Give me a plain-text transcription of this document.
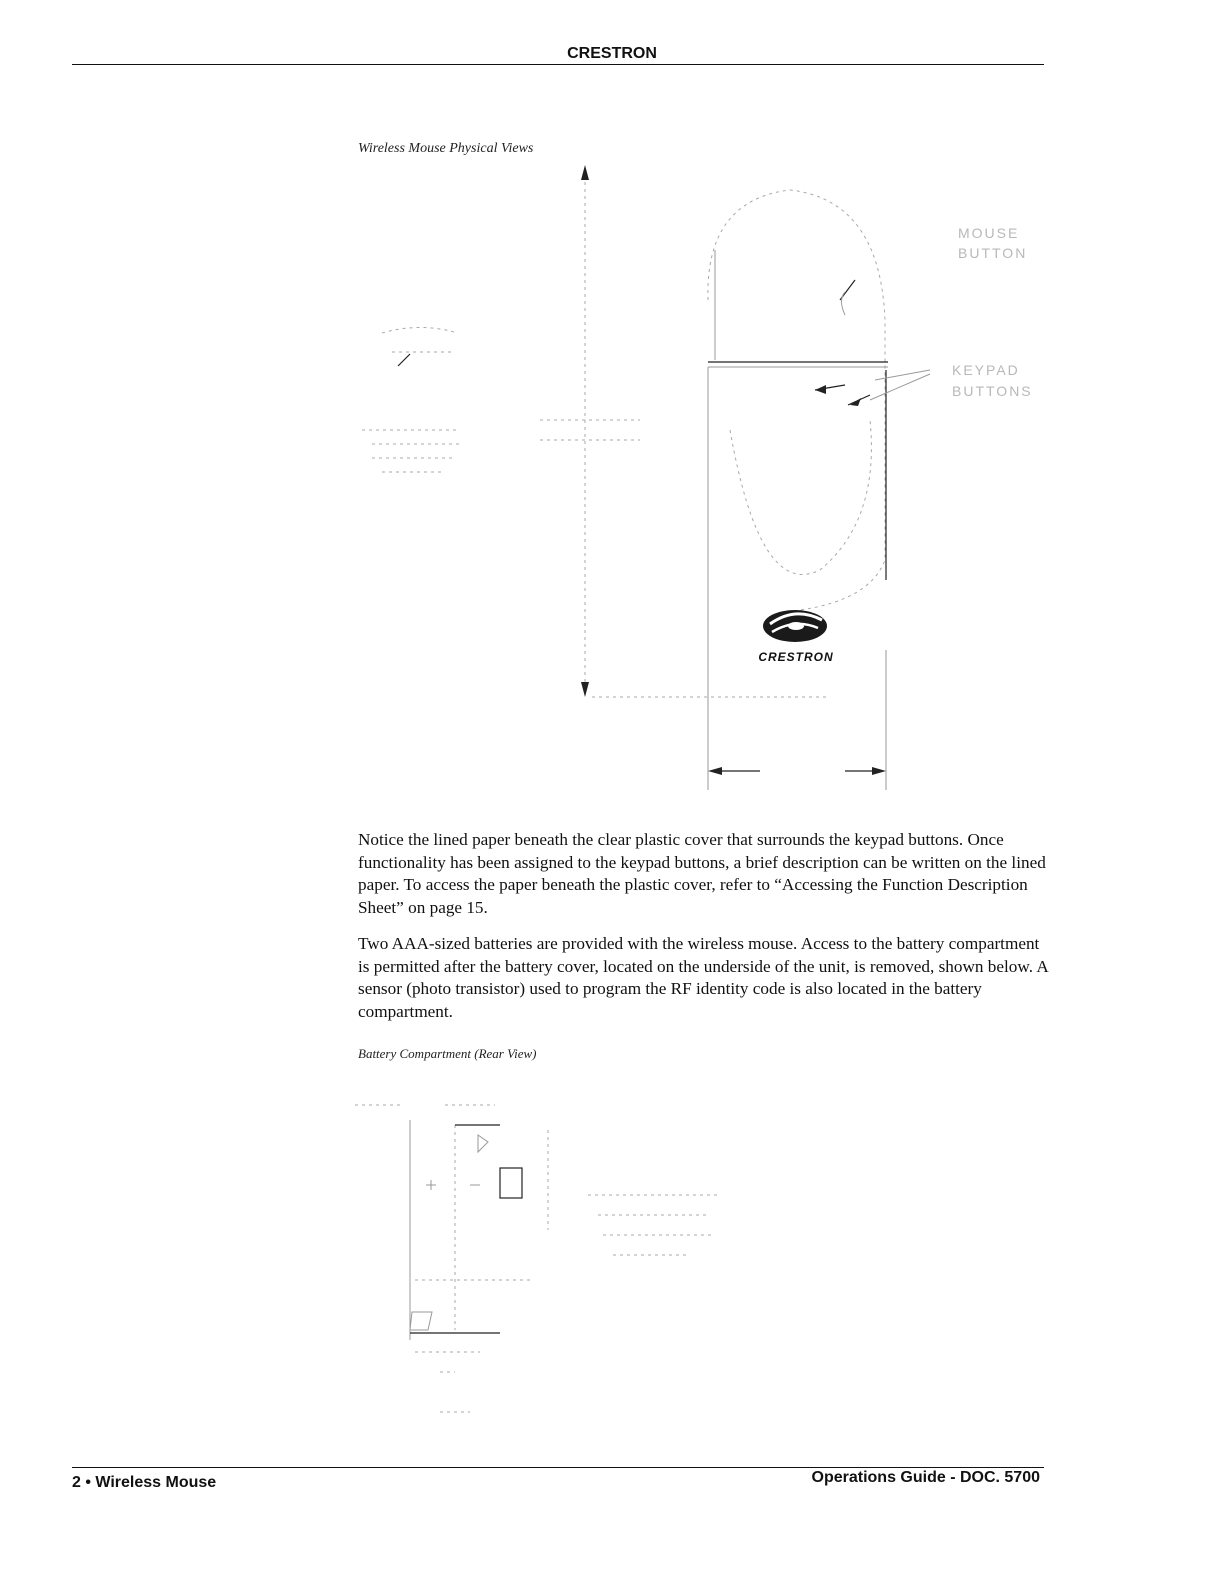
CRESTRON
Wireless Mouse Physical Views
MOUSE
BUTTON
KEYPAD
BUTTONS
CRESTRON
Notice the lined paper beneath the clear plastic cover that surrounds the keypad buttons. Once functionality has been assigned to the keypad buttons, a brief description can be written on the lined paper. To access the paper beneath the plastic cover, refer to “Accessing the Function Description Sheet” on page 15.
Two AAA-sized batteries are provided with the wireless mouse. Access to the battery compartment is permitted after the battery cover, located on the underside of the unit, is removed, shown below. A sensor (photo transistor) used to program the RF identity code is also located in the battery compartment.
Battery Compartment (Rear View)
2 • Wireless Mouse	Operations Guide - DOC. 5700
